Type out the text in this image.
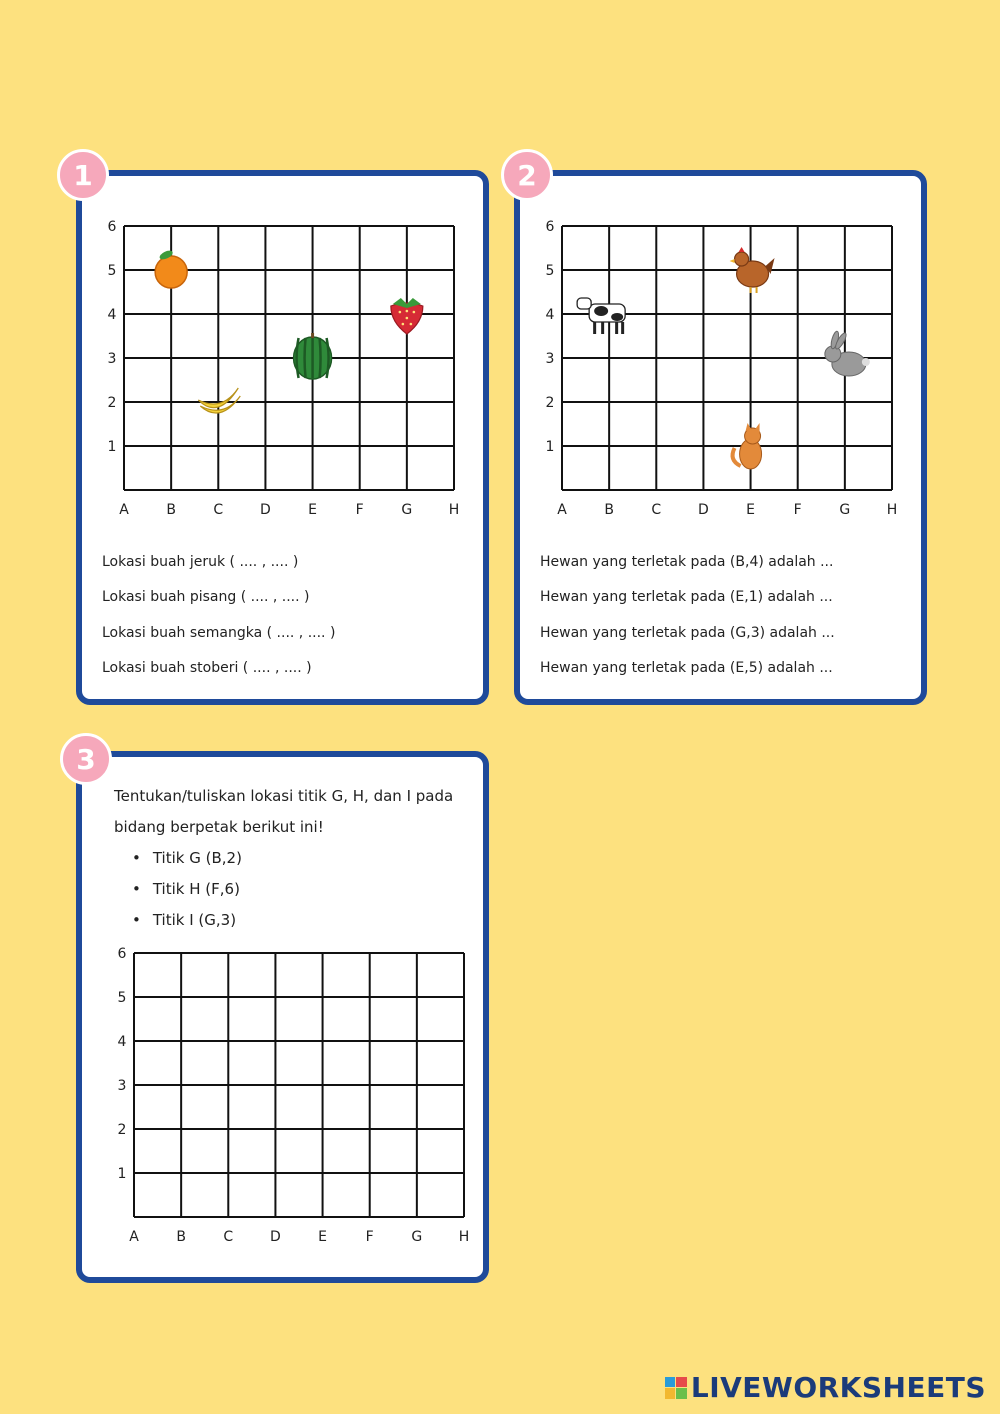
A	B	C	D	E	F	G	H
1
2
3
4
5
6
Lokasi buah jeruk ( .... , .... )
Lokasi buah pisang ( .... , .... )
Lokasi buah semangka ( .... , .... )
Lokasi buah stoberi ( .... , .... )
1
A	B	C	D	E	F	G	H
1
2
3
4
5
6
Hewan yang terletak pada (B,4) adalah ...
Hewan yang terletak pada (E,1) adalah ...
Hewan yang terletak pada (G,3) adalah ...
Hewan yang terletak pada (E,5) adalah ...
2
Tentukan/tuliskan lokasi titik G, H, dan I pada bidang berpetak berikut ini!
• Titik G (B,2)
• Titik H (F,6)
• Titik I (G,3)
A	B	C	D	E	F	G	H
1
2
3
4
5
6
3
LIVEWORKSHEETS
